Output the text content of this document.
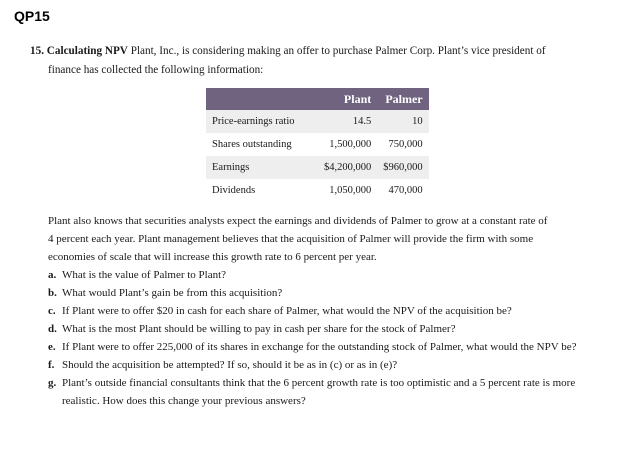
QP15
15. Calculating NPV Plant, Inc., is considering making an offer to purchase Palmer Corp. Plant’s vice president of
finance has collected the following information:
	Plant	Palmer
Price-earnings ratio	14.5	10
Shares outstanding	1,500,000	750,000
Earnings	$4,200,000	$960,000
Dividends	1,050,000	470,000
Plant also knows that securities analysts expect the earnings and dividends of Palmer to grow at a constant rate of
4 percent each year. Plant management believes that the acquisition of Palmer will provide the firm with some
economies of scale that will increase this growth rate to 6 percent per year.
a. What is the value of Palmer to Plant?
b. What would Plant’s gain be from this acquisition?
c. If Plant were to offer $20 in cash for each share of Palmer, what would the NPV of the acquisition be?
d. What is the most Plant should be willing to pay in cash per share for the stock of Palmer?
e. If Plant were to offer 225,000 of its shares in exchange for the outstanding stock of Palmer, what would the NPV be?
f. Should the acquisition be attempted? If so, should it be as in (c) or as in (e)?
g. Plant’s outside financial consultants think that the 6 percent growth rate is too optimistic and a 5 percent rate is more realistic. How does this change your previous answers?
